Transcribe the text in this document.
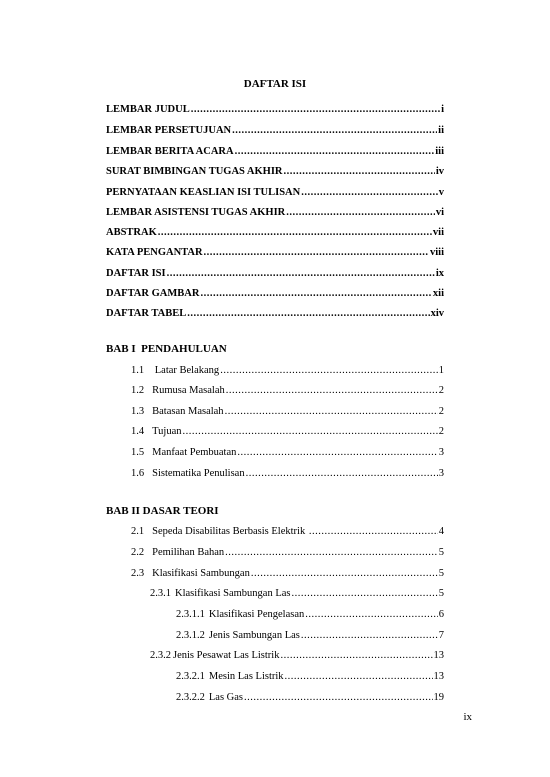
DAFTAR ISI
LEMBAR JUDUL .....	i
LEMBAR PERSETUJUAN .....	ii
LEMBAR BERITA ACARA .....	iii
SURAT BIMBINGAN TUGAS AKHIR .....	iv
PERNYATAAN KEASLIAN ISI TULISAN .....	v
LEMBAR ASISTENSI TUGAS AKHIR .....	vi
ABSTRAK .....	vii
KATA PENGANTAR .....	viii
DAFTAR ISI .....	ix
DAFTAR GAMBAR .....	xii
DAFTAR TABEL .....	xiv
BAB I  PENDAHULUAN
1.1 Latar Belakang .....	1
1.2 Rumusa Masalah .....	2
1.3 Batasan Masalah .....	2
1.4 Tujuan .....	2
1.5 Manfaat Pembuatan .....	3
1.6 Sistematika Penulisan .....	3
BAB II DASAR TEORI
2.1 Sepeda Disabilitas Berbasis Elektrik .....	4
2.2 Pemilihan Bahan .....	5
2.3 Klasifikasi Sambungan .....	5
2.3.1 Klasifikasi Sambungan Las .....	5
2.3.1.1 Klasifikasi Pengelasan .....	6
2.3.1.2 Jenis Sambungan Las .....	7
2.3.2 Jenis Pesawat Las Listrik .....	13
2.3.2.1 Mesin Las Listrik .....	13
2.3.2.2 Las Gas .....	19
ix
